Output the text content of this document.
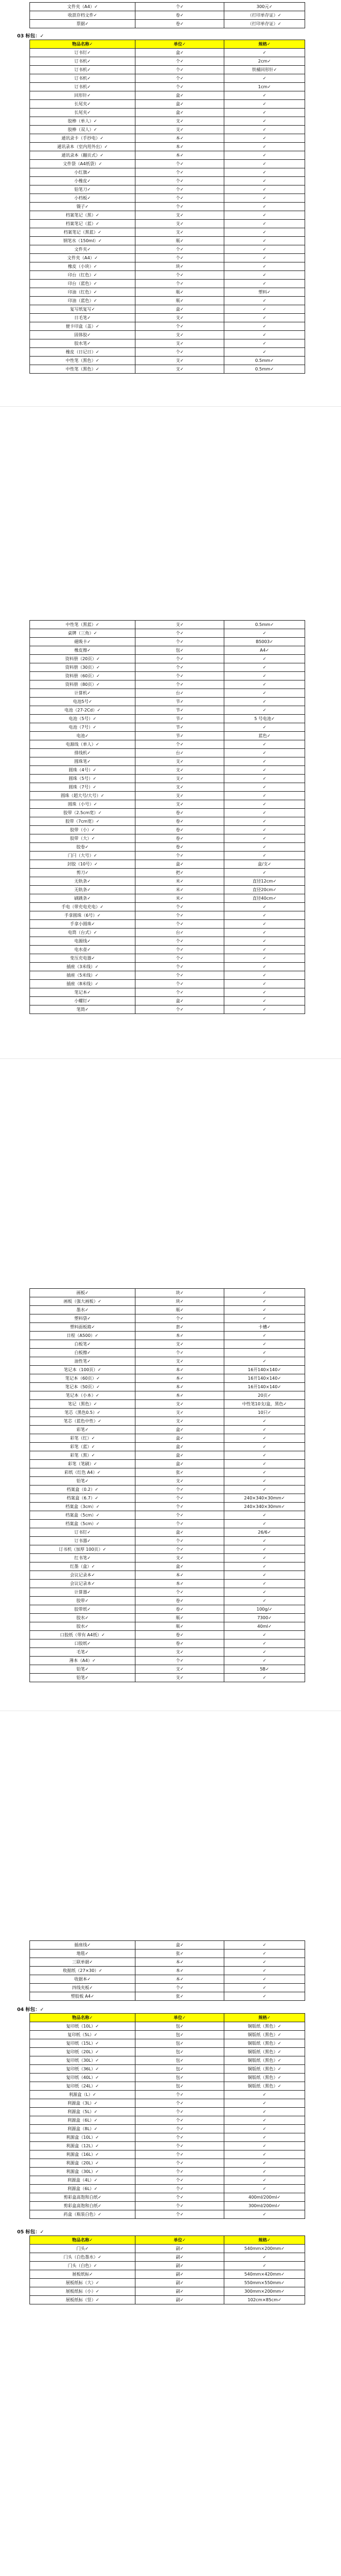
文件夹（A4）✓	个✓	300元✓
收款存档文件✓	卷✓	（打印单存证）✓
票据✓	卷✓	（打印单存证）✓
03 标包：✓
物品名称✓	单位✓	规格✓
订书钉✓	盒✓	✓
订书机✓	个✓	2cm✓
订书机✓	个✓	铁桶回形针✓
订书机✓	个✓	✓
订书机✓	个✓	1cm✓
回形针✓	盒✓	✓
长尾夹✓	盒✓	✓
长尾夹✓	盒✓	✓
胶棒（单人）✓	支✓	✓
胶棒（双人）✓	支✓	✓
通讯录卡（手抄电）✓	本✓	✓
通讯录本（室内用外出）✓	本✓	✓
通讯录本（翻页式）✓	本✓	✓
文件袋（A4纸袋）✓	个✓	✓
小红旗✓	个✓	✓
小橡皮✓	个✓	✓
铅笔刀✓	个✓	✓
小档板✓	个✓	✓
镊子✓	个✓	✓
档案笔记（黑）✓	支✓	✓
档案笔记（蓝）✓	支✓	✓
档案笔记（黑蓝）✓	支✓	✓
钢笔水（150ml）✓	瓶✓	✓
文件夹✓	个✓	✓
文件夹（A4）✓	个✓	✓
橡皮（小块）✓	块✓	✓
印台（红色）✓	个✓	✓
印台（蓝色）✓	个✓	✓
印油（红色）✓	瓶✓	塑料✓
印油（蓝色）✓	瓶✓	✓
复写纸复写✓	盒✓	✓
日毛笔✓	支✓	✓
便卡印盒（盖）✓	个✓	✓
固体胶✓	支✓	✓
胶水笔✓	支✓	✓
橡皮（日记日）✓	个✓	✓
中性笔（黑色）✓	支✓	0.5mm✓
中性笔（黑色）✓	支✓	0.5mm✓
中性笔（黑蓝）✓	支✓	0.5mm✓
桌牌（三角）✓	个✓	✓
磁吸卡✓	个✓	B5003✓
橡皮擦✓	包✓	A4✓
资料册（20页）✓	个✓	✓
资料册（30页）✓	个✓	✓
资料册（60页）✓	个✓	✓
资料册（80页）✓	个✓	✓
计算机✓	台✓	✓
电池5号✓	节✓	✓
电池（27-2Cd）✓	节✓	✓
电池（5号）✓	节✓	5 号电池✓
电池（7号）✓	节✓	✓
电池✓	节✓	蓝色✓
电源线（单人）✓	个✓	✓
排线机✓	台✓	✓
圆珠笔✓	支✓	✓
圆珠（4号）✓	支✓	✓
圆珠（5号）✓	支✓	✓
圆珠（7号）✓	支✓	✓
圆珠（超大号/大号）✓	支✓	✓
圆珠（小号）✓	支✓	✓
胶带（2.5cm宽）✓	卷✓	✓
胶带（7cm宽）✓	卷✓	✓
胶带（小）✓	卷✓	✓
胶带（大）✓	卷✓	✓
胶卷✓	卷✓	✓
门闩（大号）✓	个✓	✓
封胶（10号）✓	盒✓	盒/支✓
剪刀✓	把✓	✓
无轨条✓	米✓	直径12cm✓
无轨条✓	米✓	直径20cm✓
刷跳条✓	米✓	直径40cm✓
手电（带充电充电）✓	个✓	✓
手拿圆珠（6号）✓	个✓	✓
手拿小圆珠✓	个✓	✓
电筒（台式）✓	台✓	✓
电源线✓	个✓	✓
电水壶✓	个✓	✓
变压充电器✓	个✓	✓
插座（3米线）✓	个✓	✓
插座（5米线）✓	个✓	✓
插座（8米线）✓	个✓	✓
笔记本✓	个✓	✓
小螺钉✓	盒✓	✓
笔筒✓	个✓	✓
画板✓	块✓	✓
画板（强大画板）✓	块✓	✓
墨水✓	瓶✓	✓
塑料袋✓	个✓	✓
塑料面板箱✓	套✓	卡槽✓
日程（A500）✓	本✓	✓
白板笔✓	支✓	✓
白板擦✓	个✓	✓
油性笔✓	支✓	✓
笔记本（100页）✓	本✓	16开140×140✓
笔记本（60页）✓	本✓	16开140×140✓
笔记本（50页）✓	本✓	16开140×140✓
笔记本（小本）✓	本✓	20页✓
笔记（黑色）✓	支✓	中性笔10支/盒，黑色✓
笔芯（黑色0.5）✓	支✓	10只✓
笔芯（蓝色中性）✓	支✓	✓
彩笔✓	盒✓	✓
彩笔（红）✓	盒✓	✓
彩笔（蓝）✓	盒✓	✓
彩笔（黑）✓	盒✓	✓
彩笔（笔刷）✓	盒✓	✓
彩纸（红色 A4）✓	张✓	✓
铅笔✓	支✓	✓
档案盒（0.2）✓	个✓	✓
档案盒（6.7）✓	个✓	240×340×30mm✓
档案盒（3cm）✓	个✓	240×340×30mm✓
档案盒（5cm）✓	个✓	✓
档案盒（5cm）✓	个✓	✓
订书钉✓	盒✓	26/6✓
订书器✓	个✓	✓
订书机（加厚 100页）✓	个✓	✓
红书笔✓	支✓	✓
红墨（盒）✓	盒✓	✓
会议记录本✓	本✓	✓
会议记录本✓	本✓	✓
计算器✓	个✓	✓
胶带✓	卷✓	✓
胶带纸✓	卷✓	100g/✓
胶水✓	瓶✓	7300✓
胶水✓	瓶✓	40ml✓
口胶纸（带有 A4纸）✓	卷✓	✓
口胶纸✓	卷✓	✓
毛笔✓	支✓	✓
薄本（A4）✓	个✓	✓
铅笔✓	支✓	5B✓
铅笔✓	支✓	✓
插座线✓	盒✓	✓
地毯✓	张✓	✓
三联单据✓	本✓	✓
收据纸（27×30）✓	本✓	✓
收据本✓	本✓	✓
四线夹板✓	个✓	✓
塑胶板 A4✓	张✓	✓
04 标包：✓
物品名称✓	单位✓	规格✓
复印纸（10L）✓	包✓	铜版纸（黑色）✓
复印纸（5L）✓	包✓	铜版纸（黑色）✓
复印纸（15L）✓	包✓	铜版纸（黑色）✓
复印纸（20L）✓	包✓	铜版纸（黑色）✓
复印纸（30L）✓	包✓	铜版纸（黑色）✓
复印纸（36L）✓	包✓	铜版纸（黑色）✓
复印纸（40L）✓	包✓	铜版纸（黑色）✓
复印纸（24L）✓	包✓	铜版纸（黑色）✓
利源盒（L）✓	个✓	✓
利源盒（3L）✓	个✓	✓
利源盒（5L）✓	个✓	✓
利源盒（6L）✓	个✓	✓
利源盒（8L）✓	个✓	✓
利源盒（10L）✓	个✓	✓
利源盒（12L）✓	个✓	✓
利源盒（16L）✓	个✓	✓
利源盒（20L）✓	个✓	✓
利源盒（30L）✓	个✓	✓
利源盒（4L）✓	个✓	✓
利源盒（6L）✓	个✓	✓
剪彩盒高饱和白纸✓	个✓	400ml/200ml✓
剪彩盒高饱和白纸✓	个✓	300ml/200ml✓
药盒（瓶装白色）✓	个✓	✓
05 标包：✓
物品名称✓	单位✓	规格✓
门头✓	副✓	540mm×200mm✓
门头（白色墨水）✓	副✓	✓
门头（白色）✓	副✓	✓
展板纸标✓	副✓	540mm×420mm✓
展板纸标（大）✓	副✓	550mm×550mm✓
展板纸标（小）✓	副✓	300mm×200mm✓
展板纸标（竖）✓	副✓	102cm×85cm✓
